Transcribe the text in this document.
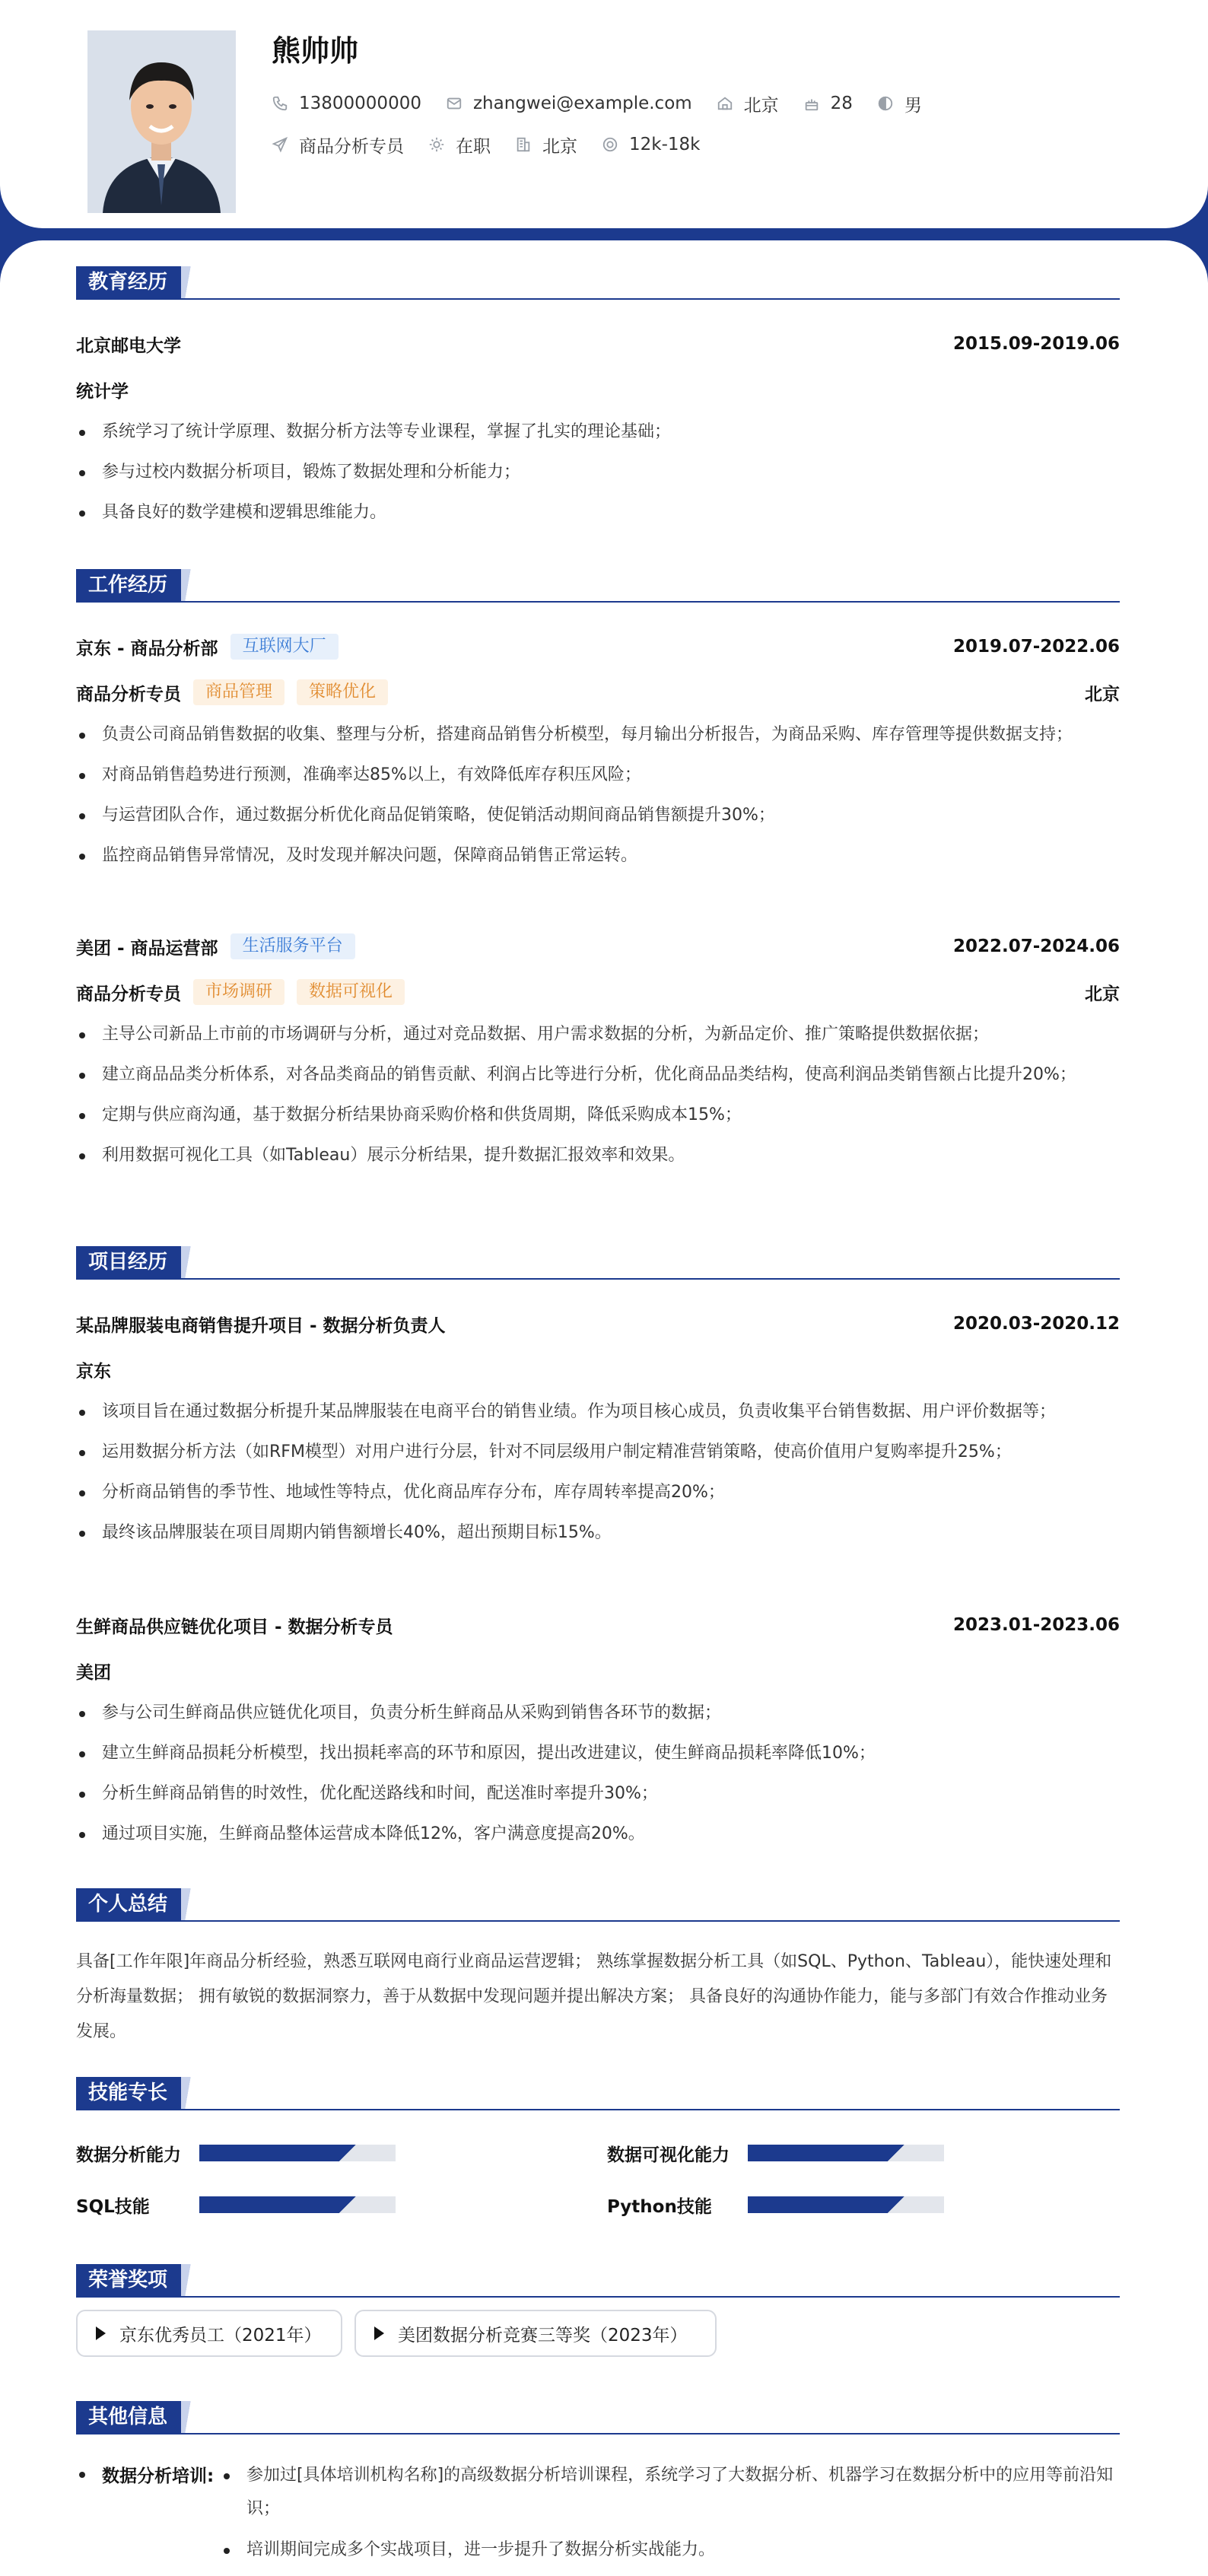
熊帅帅
13800000000	zhangwei@example.com	北京	28	男
商品分析专员	在职	北京	12k-18k
教育经历
北京邮电大学	2015.09-2019.06
统计学
系统学习了统计学原理、数据分析方法等专业课程，掌握了扎实的理论基础；
参与过校内数据分析项目，锻炼了数据处理和分析能力；
具备良好的数学建模和逻辑思维能力。
工作经历
京东 - 商品分析部	互联网大厂	2019.07-2022.06
商品分析专员	商品管理	策略优化	北京
负责公司商品销售数据的收集、整理与分析，搭建商品销售分析模型，每月输出分析报告，为商品采购、库存管理等提供数据支持；
对商品销售趋势进行预测，准确率达85%以上，有效降低库存积压风险；
与运营团队合作，通过数据分析优化商品促销策略，使促销活动期间商品销售额提升30%；
监控商品销售异常情况，及时发现并解决问题，保障商品销售正常运转。
美团 - 商品运营部	生活服务平台	2022.07-2024.06
商品分析专员	市场调研	数据可视化	北京
主导公司新品上市前的市场调研与分析，通过对竞品数据、用户需求数据的分析，为新品定价、推广策略提供数据依据；
建立商品品类分析体系，对各品类商品的销售贡献、利润占比等进行分析，优化商品品类结构，使高利润品类销售额占比提升20%；
定期与供应商沟通，基于数据分析结果协商采购价格和供货周期，降低采购成本15%；
利用数据可视化工具（如Tableau）展示分析结果，提升数据汇报效率和效果。
项目经历
某品牌服装电商销售提升项目 - 数据分析负责人	2020.03-2020.12
京东
该项目旨在通过数据分析提升某品牌服装在电商平台的销售业绩。作为项目核心成员，负责收集平台销售数据、用户评价数据等；
运用数据分析方法（如RFM模型）对用户进行分层，针对不同层级用户制定精准营销策略，使高价值用户复购率提升25%；
分析商品销售的季节性、地域性等特点，优化商品库存分布，库存周转率提高20%；
最终该品牌服装在项目周期内销售额增长40%，超出预期目标15%。
生鲜商品供应链优化项目 - 数据分析专员	2023.01-2023.06
美团
参与公司生鲜商品供应链优化项目，负责分析生鲜商品从采购到销售各环节的数据；
建立生鲜商品损耗分析模型，找出损耗率高的环节和原因，提出改进建议，使生鲜商品损耗率降低10%；
分析生鲜商品销售的时效性，优化配送路线和时间，配送准时率提升30%；
通过项目实施，生鲜商品整体运营成本降低12%，客户满意度提高20%。
个人总结
具备[工作年限]年商品分析经验，熟悉互联网电商行业商品运营逻辑； 熟练掌握数据分析工具（如SQL、Python、Tableau），能快速处理和分析海量数据； 拥有敏锐的数据洞察力，善于从数据中发现问题并提出解决方案； 具备良好的沟通协作能力，能与多部门有效合作推动业务发展。
技能专长
数据分析能力	数据可视化能力
SQL技能	Python技能
荣誉奖项
京东优秀员工（2021年）	美团数据分析竞赛三等奖（2023年）
其他信息
数据分析培训:	参加过[具体培训机构名称]的高级数据分析培训课程，系统学习了大数据分析、机器学习在数据分析中的应用等前沿知识；
培训期间完成多个实战项目，进一步提升了数据分析实战能力。
